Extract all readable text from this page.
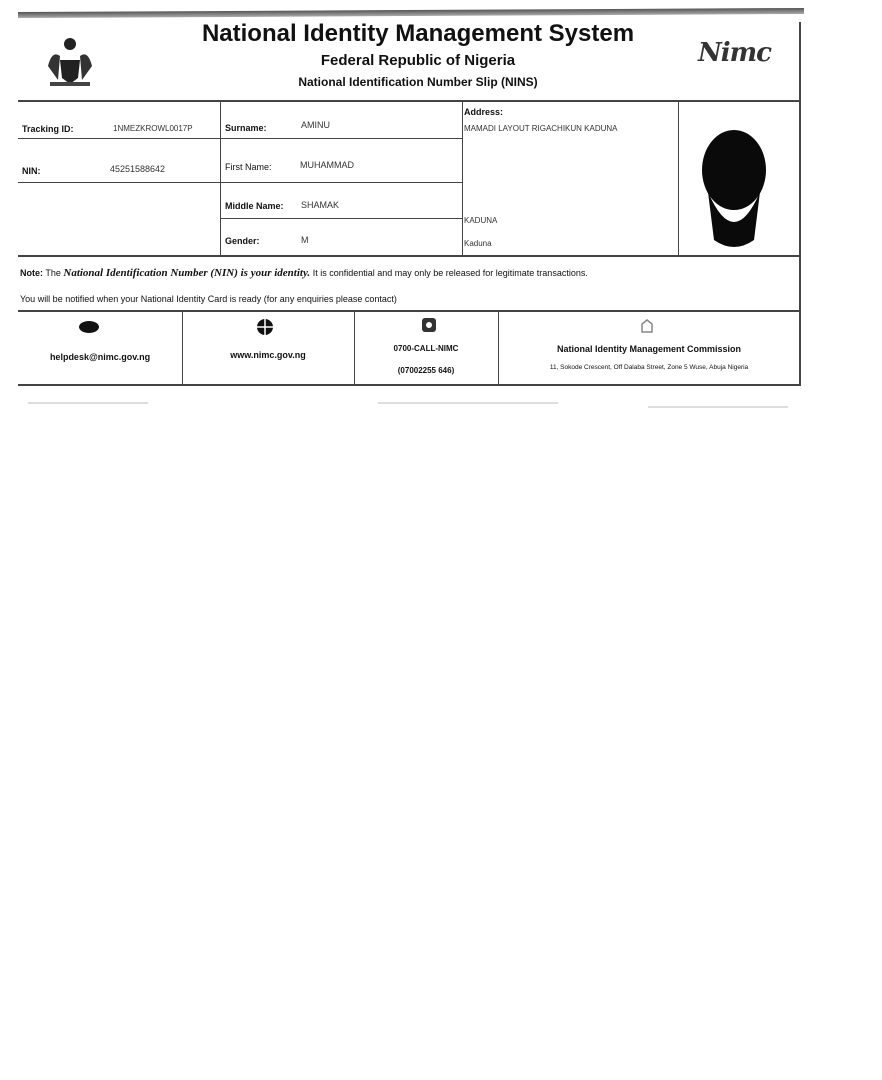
National Identity Management System
Federal Republic of Nigeria
National Identification Number Slip (NINS)
Nimc
Tracking ID:	1NMEZKROWL0017P	Surname:	AMINU
NIN:	45251588642	First Name:	MUHAMMAD
Middle Name: SHAMAK
Gender:	M
Address:
MAMADI LAYOUT RIGACHIKUN KADUNA
KADUNA
Kaduna
Note: The National Identification Number (NIN) is your identity. It is confidential and may only be released for legitimate transactions.
You will be notified when your National Identity Card is ready (for any enquiries please contact)
helpdesk@nimc.gov.ng	www.nimc.gov.ng
0700-CALL-NIMC
(07002255 646)
National Identity Management Commission
11, Sokode Crescent, Off Dalaba Street, Zone 5 Wuse, Abuja Nigeria
